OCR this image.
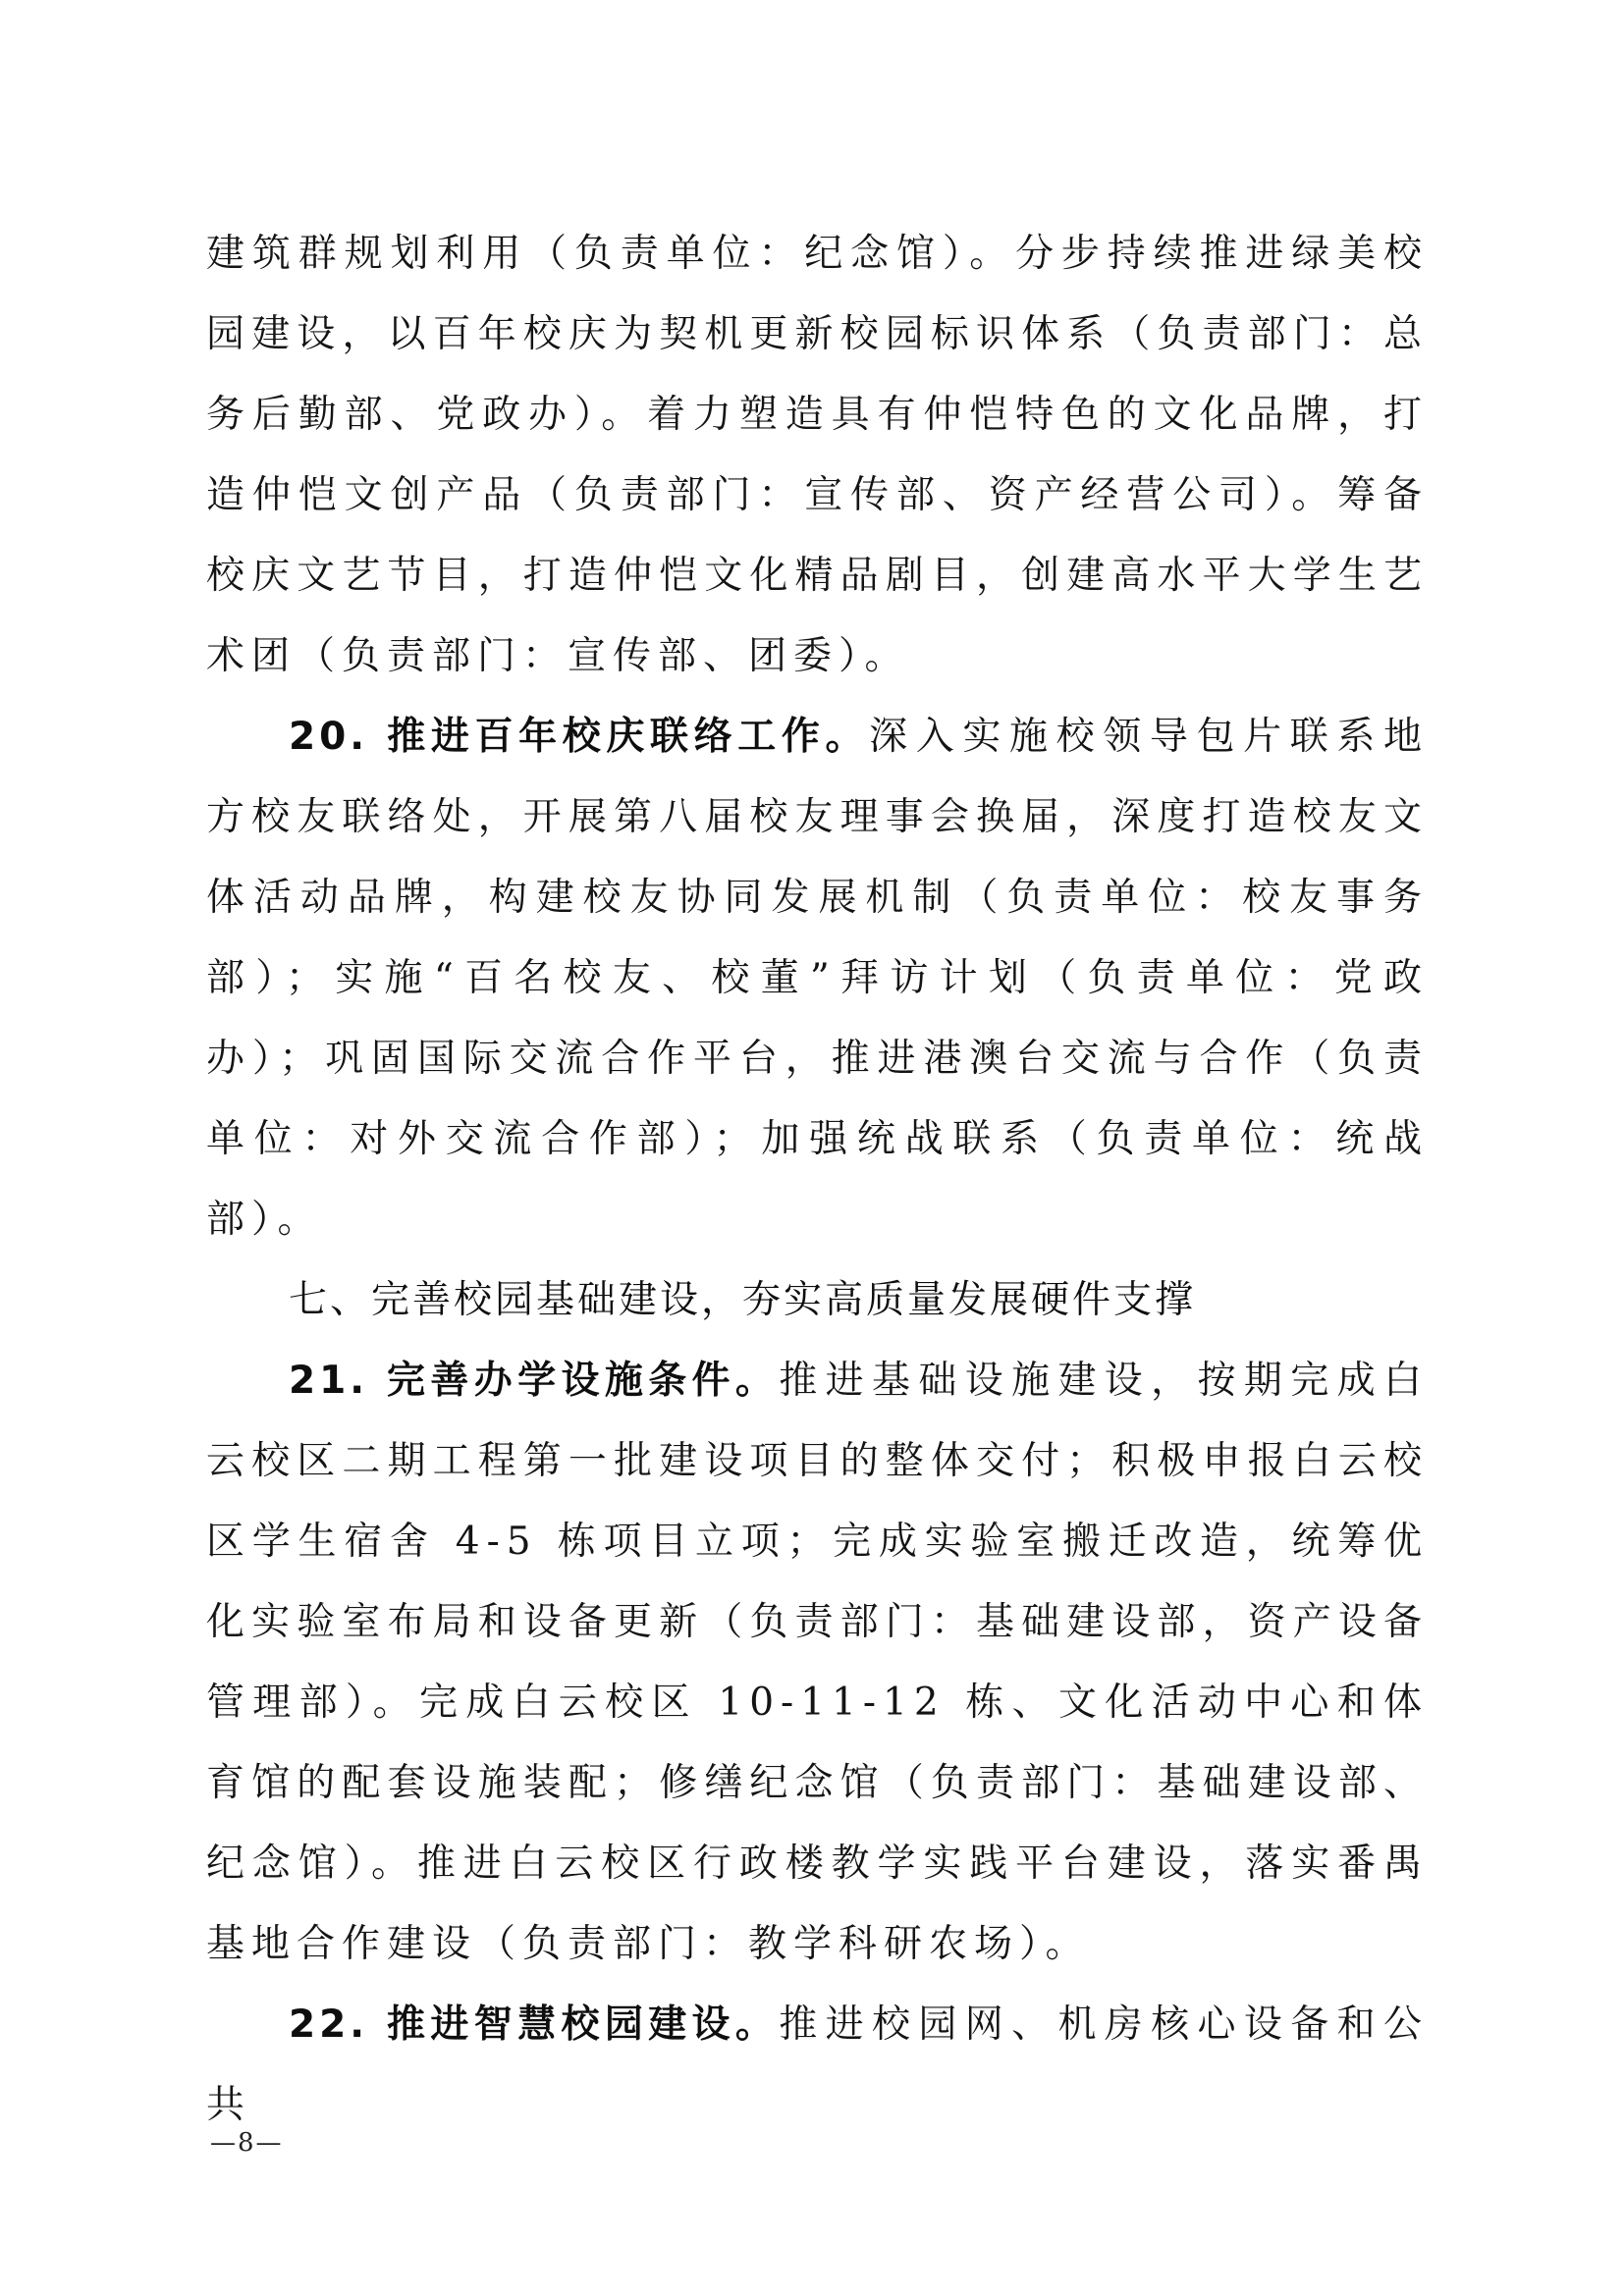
建筑群规划利用（负责单位：纪念馆）。分步持续推进绿美校园建设，以百年校庆为契机更新校园标识体系（负责部门：总务后勤部、党政办）。着力塑造具有仲恺特色的文化品牌，打造仲恺文创产品（负责部门：宣传部、资产经营公司）。筹备校庆文艺节目，打造仲恺文化精品剧目，创建高水平大学生艺术团（负责部门：宣传部、团委）。

20. 推进百年校庆联络工作。深入实施校领导包片联系地方校友联络处，开展第八届校友理事会换届，深度打造校友文体活动品牌，构建校友协同发展机制（负责单位：校友事务部）；实施“百名校友、校董”拜访计划（负责单位：党政办）；巩固国际交流合作平台，推进港澳台交流与合作（负责单位：对外交流合作部）；加强统战联系（负责单位：统战部）。

七、完善校园基础建设，夯实高质量发展硬件支撑

21. 完善办学设施条件。推进基础设施建设，按期完成白云校区二期工程第一批建设项目的整体交付；积极申报白云校区学生宿舍 4-5 栋项目立项；完成实验室搬迁改造，统筹优化实验室布局和设备更新（负责部门：基础建设部，资产设备管理部）。完成白云校区 10-11-12 栋、文化活动中心和体育馆的配套设施装配；修缮纪念馆（负责部门：基础建设部、纪念馆）。推进白云校区行政楼教学实践平台建设，落实番禺基地合作建设（负责部门：教学科研农场）。

22. 推进智慧校园建设。推进校园网、机房核心设备和公共

—8—
